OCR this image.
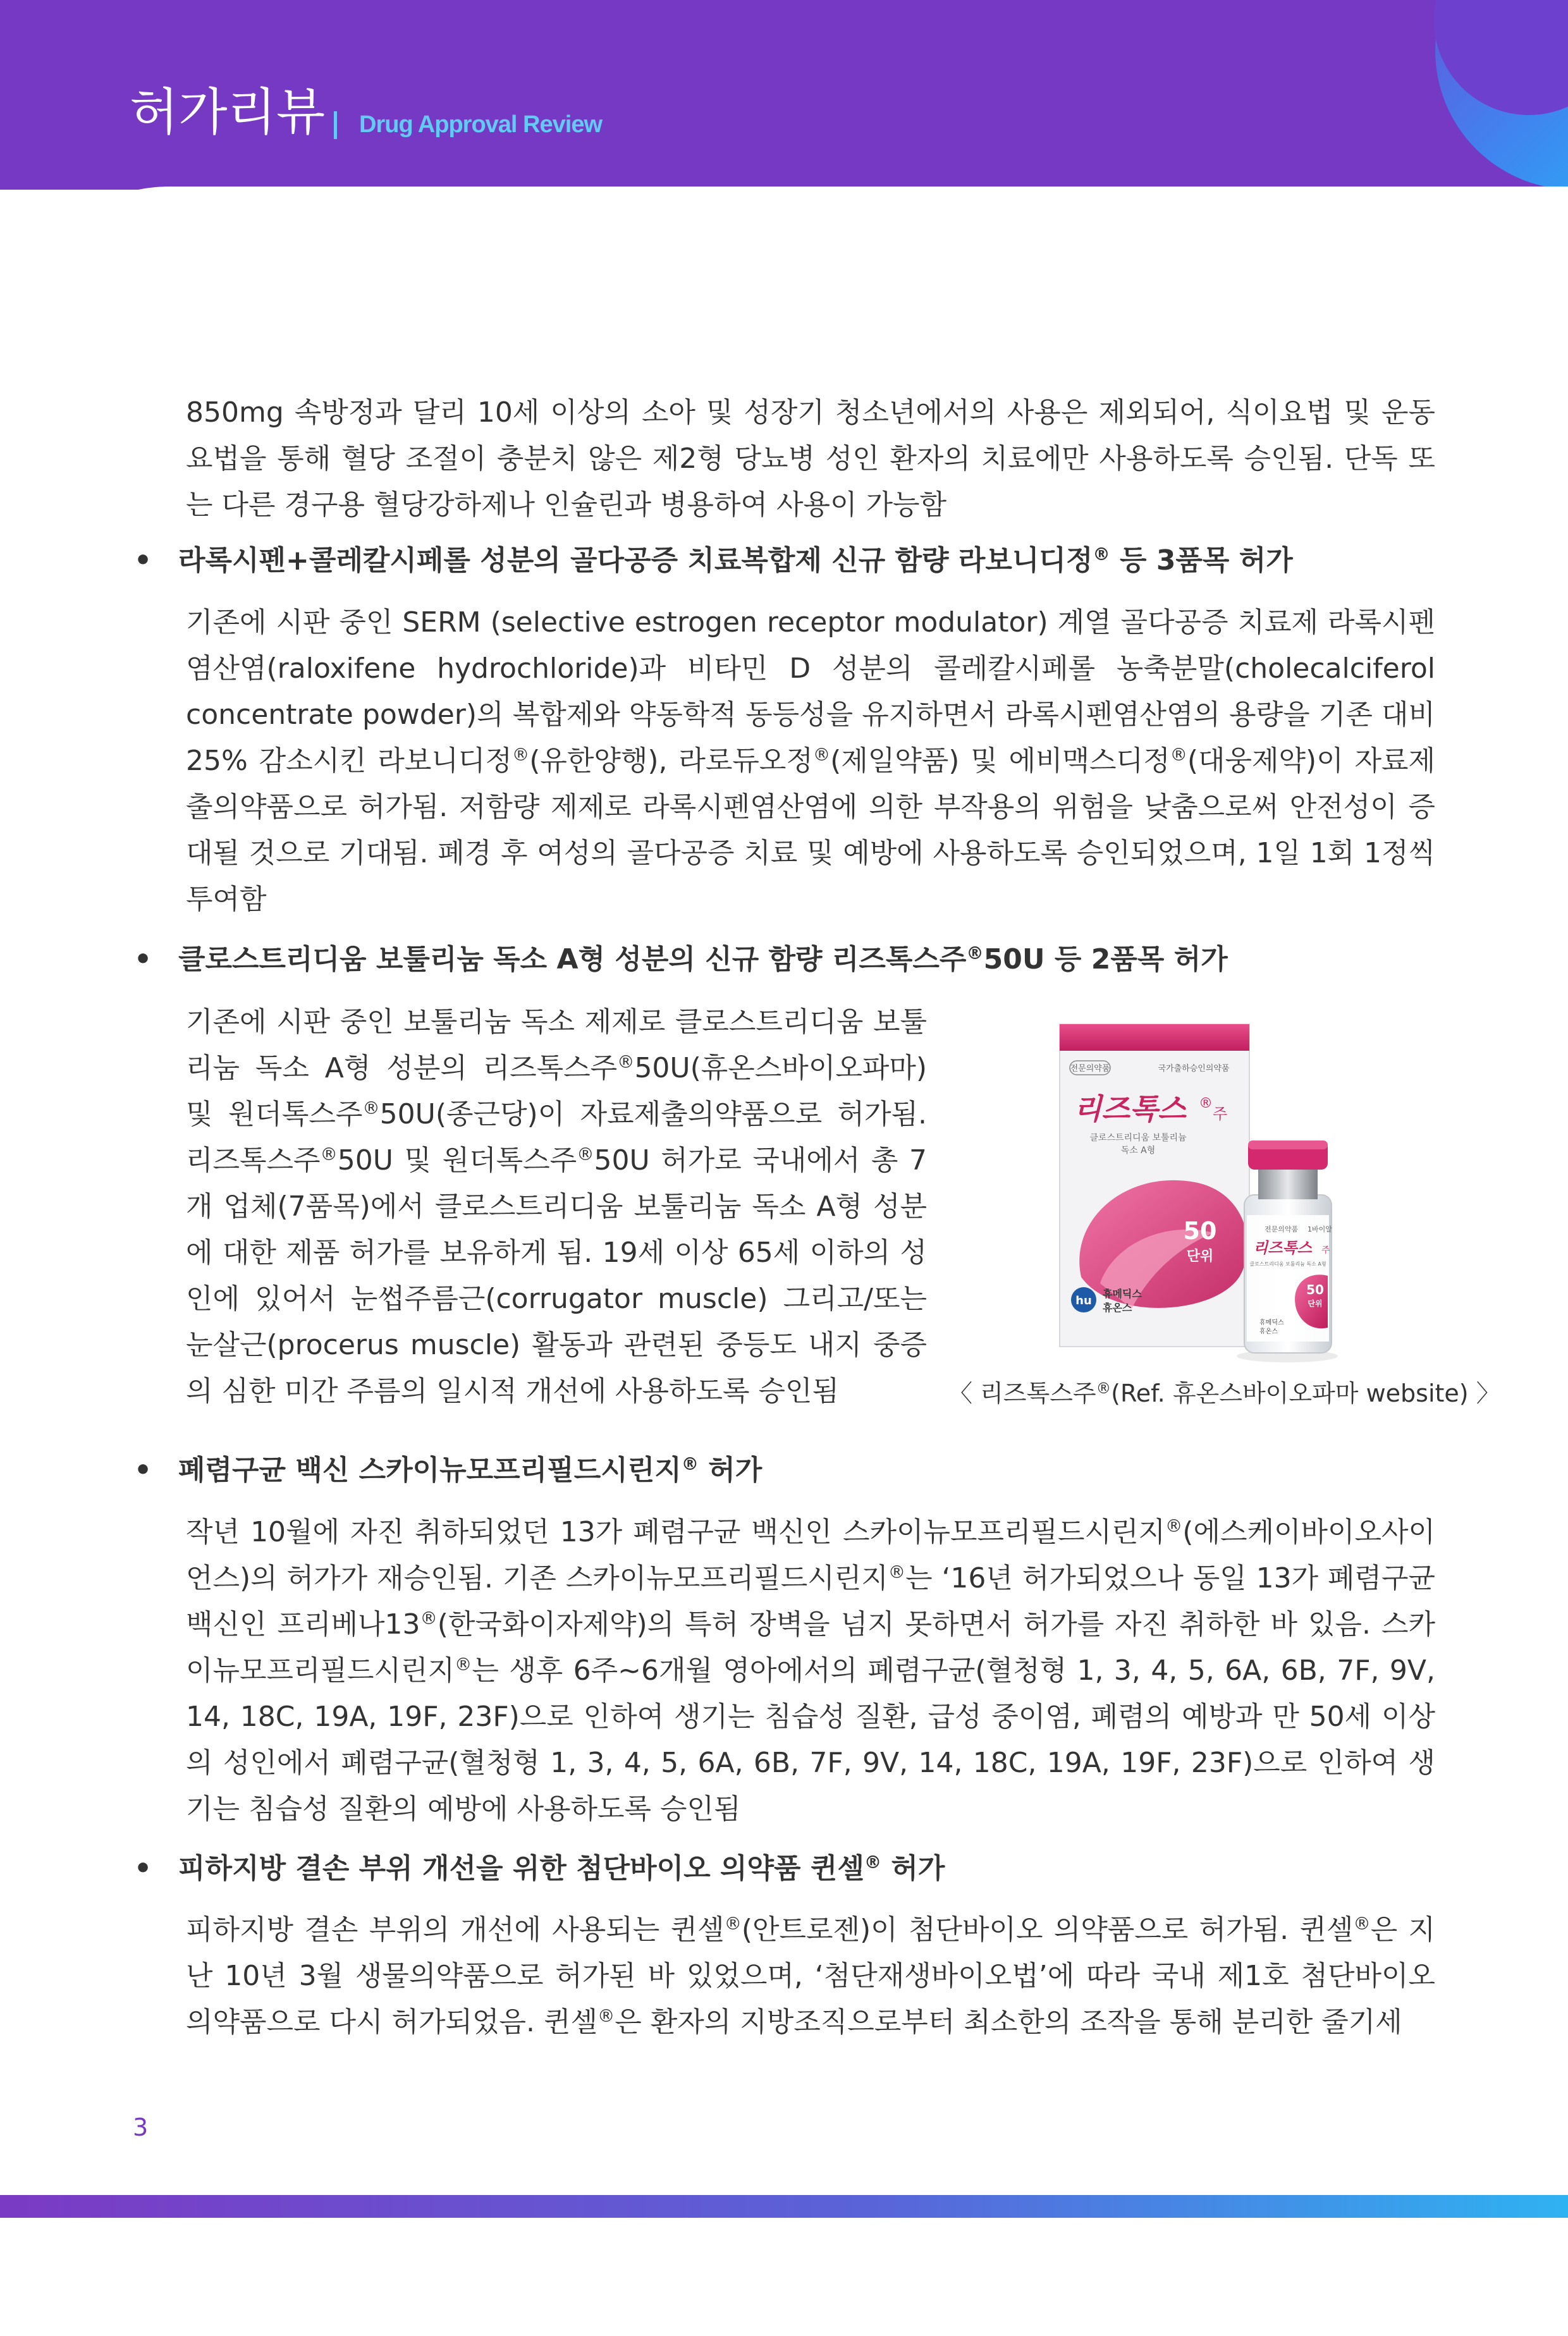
허가리뷰 Drug Approval Review

850mg 속방정과 달리 10세 이상의 소아 및 성장기 청소년에서의 사용은 제외되어, 식이요법 및 운동요법을 통해 혈당 조절이 충분치 않은 제2형 당뇨병 성인 환자의 치료에만 사용하도록 승인됨. 단독 또는 다른 경구용 혈당강하제나 인슐린과 병용하여 사용이 가능함

• 라록시펜+콜레칼시페롤 성분의 골다공증 치료복합제 신규 함량 라보니디정® 등 3품목 허가

기존에 시판 중인 SERM (selective estrogen receptor modulator) 계열 골다공증 치료제 라록시펜염산염(raloxifene hydrochloride)과 비타민 D 성분의 콜레칼시페롤 농축분말(cholecalciferol concentrate powder)의 복합제와 약동학적 동등성을 유지하면서 라록시펜염산염의 용량을 기존 대비 25% 감소시킨 라보니디정®(유한양행), 라로듀오정®(제일약품) 및 에비맥스디정®(대웅제약)이 자료제출의약품으로 허가됨. 저함량 제제로 라록시펜염산염에 의한 부작용의 위험을 낮춤으로써 안전성이 증대될 것으로 기대됨. 폐경 후 여성의 골다공증 치료 및 예방에 사용하도록 승인되었으며, 1일 1회 1정씩 투여함

• 클로스트리디움 보툴리눔 독소 A형 성분의 신규 함량 리즈톡스주®50U 등 2품목 허가

기존에 시판 중인 보툴리눔 독소 제제로 클로스트리디움 보툴리눔 독소 A형 성분의 리즈톡스주®50U(휴온스바이오파마) 및 원더톡스주®50U(종근당)이 자료제출의약품으로 허가됨. 리즈톡스주®50U 및 원더톡스주®50U 허가로 국내에서 총 7개 업체(7품목)에서 클로스트리디움 보툴리눔 독소 A형 성분에 대한 제품 허가를 보유하게 됨. 19세 이상 65세 이하의 성인에 있어서 눈썹주름근(corrugator muscle) 그리고/또는 눈살근(procerus muscle) 활동과 관련된 중등도 내지 중증의 심한 미간 주름의 일시적 개선에 사용하도록 승인됨

전문의약품	국가출하승인의약품
리즈톡스 ®
주
클로스트리디움 보툴리늄
독소 A형
50
단위
hu
휴메딕스
휴온스
전문의약품 1바이알
리즈톡스 주
클로스트리디움 보툴리늄 독소 A형
50
단위
휴메딕스
휴온스
〈 리즈톡스주®(Ref. 휴온스바이오파마 website) 〉
• 폐렴구균 백신 스카이뉴모프리필드시린지® 허가

작년 10월에 자진 취하되었던 13가 폐렴구균 백신인 스카이뉴모프리필드시린지®(에스케이바이오사이언스)의 허가가 재승인됨. 기존 스카이뉴모프리필드시린지®는 ‘16년 허가되었으나 동일 13가 폐렴구균 백신인 프리베나13®(한국화이자제약)의 특허 장벽을 넘지 못하면서 허가를 자진 취하한 바 있음. 스카이뉴모프리필드시린지®는 생후 6주~6개월 영아에서의 폐렴구균(혈청형 1, 3, 4, 5, 6A, 6B, 7F, 9V, 14, 18C, 19A, 19F, 23F)으로 인하여 생기는 침습성 질환, 급성 중이염, 폐렴의 예방과 만 50세 이상의 성인에서 폐렴구균(혈청형 1, 3, 4, 5, 6A, 6B, 7F, 9V, 14, 18C, 19A, 19F, 23F)으로 인하여 생기는 침습성 질환의 예방에 사용하도록 승인됨

• 피하지방 결손 부위 개선을 위한 첨단바이오 의약품 퀸셀® 허가

피하지방 결손 부위의 개선에 사용되는 퀸셀®(안트로젠)이 첨단바이오 의약품으로 허가됨. 퀸셀®은 지난 10년 3월 생물의약품으로 허가된 바 있었으며, ‘첨단재생바이오법’에 따라 국내 제1호 첨단바이오 의약품으로 다시 허가되었음. 퀸셀®은 환자의 지방조직으로부터 최소한의 조작을 통해 분리한 줄기세

3
